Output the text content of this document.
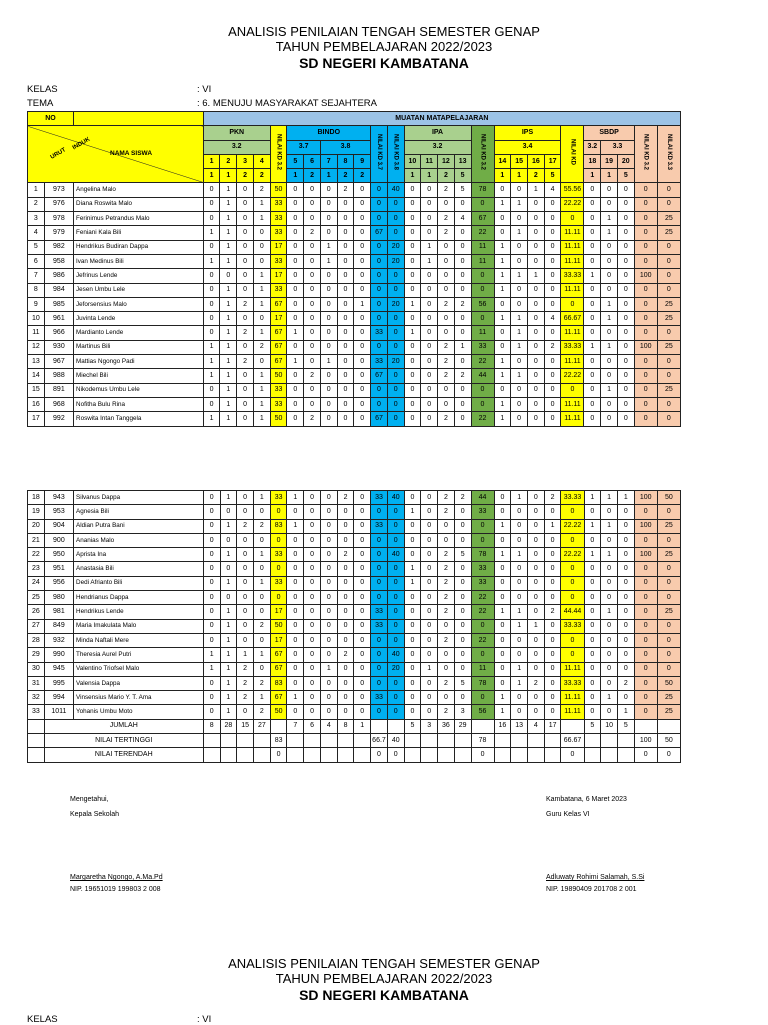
ANALISIS PENILAIAN TENGAH SEMESTER GENAP
TAHUN PEMBELAJARAN 2022/2023
SD NEGERI KAMBATANA
KELAS	: VI
TEMA	: 6. MENUJU MASYARAKAT SEJAHTERA
NO			MUATAN MATAPELAJARAN																										

URUT
INDUK
NAMA SISWA			PKN				NILAI KD 3.2	BINDO					NILAI KD 3.7	NILAI KD 3.8	IPA				NILAI KD 3.2	IPS				NILAI KD	SBDP			NILAI KD 3.2	NILAI KD 3.3
			3.2					3.7		3.8					3.2					3.4					3.2	3.3			
			1	2	3	4		5	6	7	8	9			10	11	12	13		14	15	16	17		18	19	20		
			1	1	2	2		1	2	1	2	2			1	1	2	5		1	1	2	5		1	1	5		
1	973	Angelina Malo	0	1	0	2	50	0	0	0	2	0	0	40	0	0	2	5	78	0	0	1	4	55.56	0	0	0	0	0
2	976	Diana Roswita Malo	0	1	0	1	33	0	0	0	0	0	0	0	0	0	0	0	0	1	1	0	0	22.22	0	0	0	0	0
3	978	Ferinimus Petrandus Malo	0	1	0	1	33	0	0	0	0	0	0	0	0	0	2	4	67	0	0	0	0	0	0	1	0	0	25
4	979	Feniani Kala Bili	1	1	0	0	33	0	2	0	0	0	67	0	0	0	2	0	22	0	1	0	0	11.11	0	1	0	0	25
5	982	Hendrikus Budiran Dappa	0	1	0	0	17	0	0	1	0	0	0	20	0	1	0	0	11	1	0	0	0	11.11	0	0	0	0	0
6	958	Ivan Medinus Bili	1	1	0	0	33	0	0	1	0	0	0	20	0	1	0	0	11	1	0	0	0	11.11	0	0	0	0	0
7	986	Jefrinus Lende	0	0	0	1	17	0	0	0	0	0	0	0	0	0	0	0	0	1	1	1	0	33.33	1	0	0	100	0
8	984	Jesen Umbu Lele	0	1	0	1	33	0	0	0	0	0	0	0	0	0	0	0	0	1	0	0	0	11.11	0	0	0	0	0
9	985	Jeforsensius Malo	0	1	2	1	67	0	0	0	0	1	0	20	1	0	2	2	56	0	0	0	0	0	0	1	0	0	25
10	961	Juvinta Lende	0	1	0	0	17	0	0	0	0	0	0	0	0	0	0	0	0	1	1	0	4	66.67	0	1	0	0	25
11	966	Mardianto Lende	0	1	2	1	67	1	0	0	0	0	33	0	1	0	0	0	11	0	1	0	0	11.11	0	0	0	0	0
12	930	Martinus Bili	1	1	0	2	67	0	0	0	0	0	0	0	0	0	2	1	33	0	1	0	2	33.33	1	1	0	100	25
13	967	Mattias Ngongo Padi	1	1	2	0	67	1	0	1	0	0	33	20	0	0	2	0	22	1	0	0	0	11.11	0	0	0	0	0
14	988	Miechel Bili	1	1	0	1	50	0	2	0	0	0	67	0	0	0	2	2	44	1	1	0	0	22.22	0	0	0	0	0
15	891	Nikodemus Umbu Lele	0	1	0	1	33	0	0	0	0	0	0	0	0	0	0	0	0	0	0	0	0	0	0	1	0	0	25
16	968	Nofitha Bulu Rina	0	1	0	1	33	0	0	0	0	0	0	0	0	0	0	0	0	1	0	0	0	11.11	0	0	0	0	0
17	992	Roswita Intan Tanggela	1	1	0	1	50	0	2	0	0	0	67	0	0	0	2	0	22	1	0	0	0	11.11	0	0	0	0	0
18	943	Silvanus Dappa	0	1	0	1	33	1	0	0	2	0	33	40	0	0	2	2	44	0	1	0	2	33.33	1	1	1	100	50
19	953	Agnesia Bili	0	0	0	0	0	0	0	0	0	0	0	0	1	0	2	0	33	0	0	0	0	0	0	0	0	0	0
20	904	Aldian Putra Bani	0	1	2	2	83	1	0	0	0	0	33	0	0	0	0	0	0	1	0	0	1	22.22	1	1	0	100	25
21	900	Ananias Malo	0	0	0	0	0	0	0	0	0	0	0	0	0	0	0	0	0	0	0	0	0	0	0	0	0	0	0
22	950	Aprista Ina	0	1	0	1	33	0	0	0	2	0	0	40	0	0	2	5	78	1	1	0	0	22.22	1	1	0	100	25
23	951	Anastasia Bili	0	0	0	0	0	0	0	0	0	0	0	0	1	0	2	0	33	0	0	0	0	0	0	0	0	0	0
24	956	Dedi Afrianto Bili	0	1	0	1	33	0	0	0	0	0	0	0	1	0	2	0	33	0	0	0	0	0	0	0	0	0	0
25	980	Hendrianus Dappa	0	0	0	0	0	0	0	0	0	0	0	0	0	0	2	0	22	0	0	0	0	0	0	0	0	0	0
26	981	Hendrikus Lende	0	1	0	0	17	0	0	0	0	0	33	0	0	0	2	0	22	1	1	0	2	44.44	0	1	0	0	25
27	849	Maria Imakulata Malo	0	1	0	2	50	0	0	0	0	0	33	0	0	0	0	0	0	0	1	1	0	33.33	0	0	0	0	0
28	932	Minda Naftali Mere	0	1	0	0	17	0	0	0	0	0	0	0	0	0	2	0	22	0	0	0	0	0	0	0	0	0	0
29	990	Theresia Aurel Putri	1	1	1	1	67	0	0	0	2	0	0	40	0	0	0	0	0	0	0	0	0	0	0	0	0	0	0
30	945	Valentino Triofsel Malo	1	1	2	0	67	0	0	1	0	0	0	20	0	1	0	0	11	0	1	0	0	11.11	0	0	0	0	0
31	995	Valensia Dappa	0	1	2	2	83	0	0	0	0	0	0	0	0	0	2	5	78	0	1	2	0	33.33	0	0	2	0	50
32	994	Vinsensius Mario Y. T. Ama	0	1	2	1	67	1	0	0	0	0	33	0	0	0	0	0	0	1	0	0	0	11.11	0	1	0	0	25
33	1011	Yohanis Umbu Moto	0	1	0	2	50	0	0	0	0	0	0	0	0	0	2	3	56	1	0	0	0	11.11	0	0	1	0	25
	JUMLAH		8	28	15	27		7	6	4	8	1			5	3	36	29		16	13	4	17		5	10	5		
	NILAI TERTINGGI						83						66.7	40					78					66.67				100	50
	NILAI TERENDAH						0						0	0					0					0				0	0
Mengetahui,
Kepala Sekolah
Margaretha Ngongo, A.Ma.Pd
NIP. 19651019 199803 2 008
Kambatana, 6 Maret 2023
Guru Kelas VI
Adluwaty Rohimi Salamah, S.Si
NIP. 19890409 201708 2 001
ANALISIS PENILAIAN TENGAH SEMESTER GENAP
TAHUN PEMBELAJARAN 2022/2023
SD NEGERI KAMBATANA
KELAS	: VI
